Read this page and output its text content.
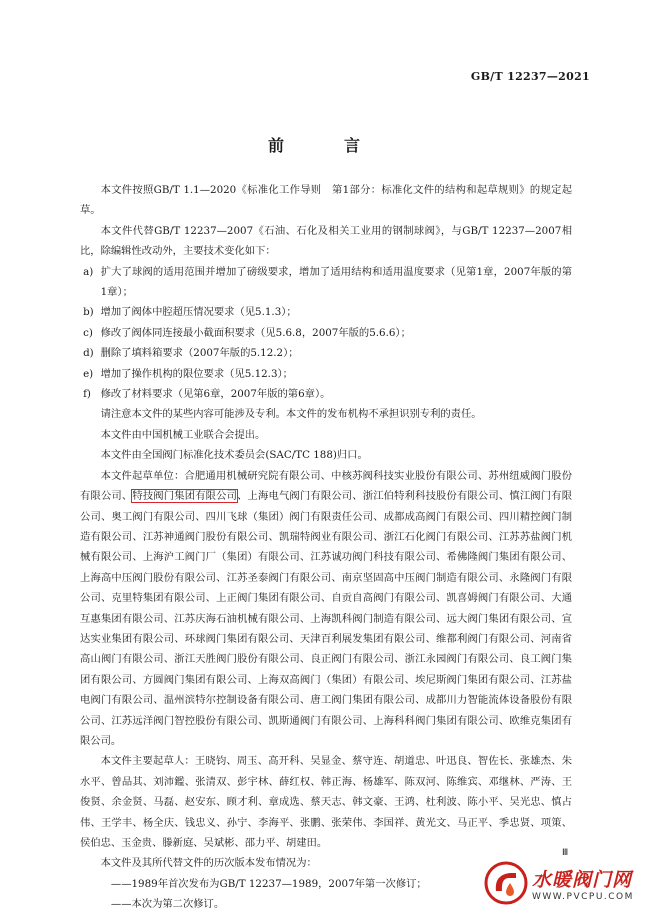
GB/T 12237—2021
前　言

本文件按照GB/T 1.1—2020《标准化工作导则　第1部分：标准化文件的结构和起草规则》的规定起草。

本文件代替GB/T 12237—2007《石油、石化及相关工业用的钢制球阀》，与GB/T 12237—2007相比，除编辑性改动外，主要技术变化如下：

a) 扩大了球阀的适用范围并增加了磅级要求，增加了适用结构和适用温度要求（见第1章，2007年版的第1章）；
b) 增加了阀体中腔超压情况要求（见5.1.3）；
c) 修改了阀体同连接最小截面积要求（见5.6.8，2007年版的5.6.6）；
d) 删除了填料箱要求（2007年版的5.12.2）；
e) 增加了操作机构的限位要求（见5.12.3）；
f) 修改了材料要求（见第6章，2007年版的第6章）。

请注意本文件的某些内容可能涉及专利。本文件的发布机构不承担识别专利的责任。

本文件由中国机械工业联合会提出。

本文件由全国阀门标准化技术委员会(SAC/TC 188)归口。

本文件起草单位：合肥通用机械研究院有限公司、中核苏阀科技实业股份有限公司、苏州纽威阀门股份有限公司、特技阀门集团有限公司、上海电气阀门有限公司、浙江伯特利科技股份有限公司、慎江阀门有限公司、奥工阀门有限公司、四川飞球（集团）阀门有限责任公司、成都成高阀门有限公司、四川精控阀门制造有限公司、江苏神通阀门股份有限公司、凯瑞特阀业有限公司、浙江石化阀门有限公司、江苏苏盐阀门机械有限公司、上海沪工阀门厂（集团）有限公司、江苏诚功阀门科技有限公司、希佛隆阀门集团有限公司、上海高中压阀门股份有限公司、江苏圣泰阀门有限公司、南京坚固高中压阀门制造有限公司、永隆阀门有限公司、克里特集团有限公司、上正阀门集团有限公司、自贡自高阀门有限公司、凯喜姆阀门有限公司、大通互惠集团有限公司、江苏庆海石油机械有限公司、上海凯科阀门制造有限公司、远大阀门集团有限公司、宣达实业集团有限公司、环球阀门集团有限公司、天津百利展发集团有限公司、维都利阀门有限公司、河南省高山阀门有限公司、浙江天胜阀门股份有限公司、良正阀门有限公司、浙江永园阀门有限公司、良工阀门集团有限公司、方圆阀门集团有限公司、上海双高阀门（集团）有限公司、埃尼斯阀门集团有限公司、江苏盐电阀门有限公司、温州滨特尔控制设备有限公司、唐工阀门集团有限公司、成都川力智能流体设备股份有限公司、江苏远洋阀门智控股份有限公司、凯斯通阀门有限公司、上海科科阀门集团有限公司、欧维克集团有限公司。

本文件主要起草人：王晓钧、周玉、高开科、吴显金、蔡守连、胡道忠、叶迅良、智佐长、张雄杰、朱水平、曾品其、刘沛鑑、张清双、彭宇林、薛红权、韩正海、杨雄军、陈双河、陈维宾、邓继林、严涛、王俊贤、余金贤、马磊、赵安东、顾才利、章成选、蔡天志、韩文豪、王鸿、杜利波、陈小平、吴光忠、慎占伟、王学丰、杨全庆、钱忠义、孙宁、李海平、张鹏、张荣伟、李国祥、黄光文、马正平、季忠贤、项策、侯伯忠、玉金贵、滕新庭、吴斌彬、邵力平、胡建田。

本文件及其所代替文件的历次版本发布情况为：

——1989年首次发布为GB/T 12237—1989，2007年第一次修订；

——本次为第二次修订。

Ⅲ
水暖阀门网
WWW.PVCPU.COM
